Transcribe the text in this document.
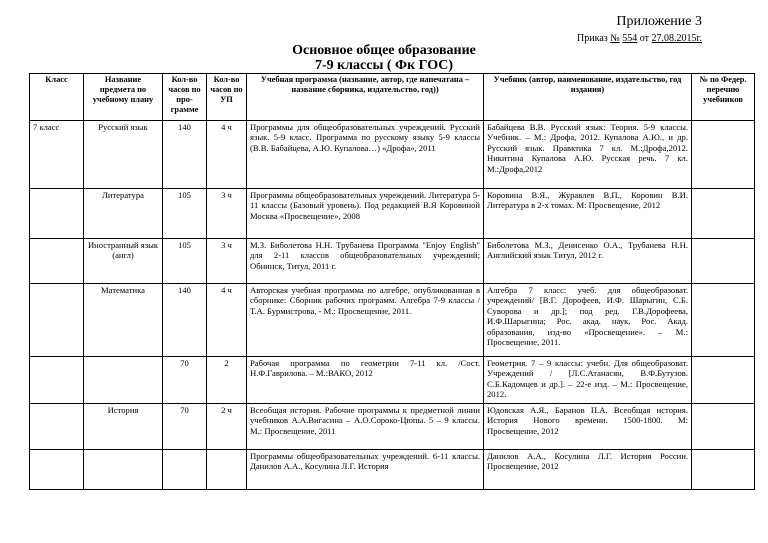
Приложение 3
Приказ № 554 от 27.08.2015г.
Основное общее образование
7-9 классы ( Фк ГОС)
Класс	Название предмета по учебному плану	Кол-во часов по про-грамме	Кол-во часов по УП	Учебная программа (название, автор, где напечатана – название сборника, издательство, год))	Учебник (автор, наименование, издательство, год издания)	№ по Федер. перечню учебников
7 класс	Русский язык	140	4 ч	Программы для общеобразовательных учреждений. Русский язык. 5-9 класс. Программа по русскому языку 5-9 классы (В.В. Бабайцева, А.Ю. Купалова…) «Дрофа», 2011	Бабайцева В.В. Русский язык: Теория. 5-9 классы. Учебник. – М.: Дрофа, 2012. Купалова А.Ю., и др. Русский язык. Правктика 7 кл. М.:Дрофа,2012. Никитина Купалова А.Ю. Русская речь. 7 кл. М.:Дрофа,2012	
	Литература	105	3 ч	Программы общеобразовательных учреждений. Литература 5-11 классы (Базовый уровень). Под редакцией В.Я Коровиной Москва «Просвещение», 2008	Коровина В.Я., Журавлев В.П., Коровин В.И. Литература в 2-х томах. М: Просвещение, 2012	
	Иностранный язык (англ)	105	3 ч	М.З. Биболетова Н.Н. Трубанева Программа "Enjoy English" для 2-11 классов общеобразовательных учреждений; Обнинск, Титул, 2011 г.	Биболетова М.З., Денисенко О.А., Трубанева Н.Н. Английский язык Титул, 2012 г.	
	Математика	140	4 ч	Авторская учебная программа по алгебре, опубликованная в сборнике: Сборник рабочих программ. Алгебра 7-9 классы /Т.А. Бурмистрова, - М.: Просвещение, 2011.	Алгебра 7 класс: учеб. для общеобразоват. учреждений/ [В.Г. Дорофеев, И.Ф. Шарыгин, С.Б. Суворова и др.]; под ред. Г.В.Дорофеева, И.Ф.Шарыгина; Рос. акад. наук, Рос. Акад. образования, изд-во «Просвещение». – М.: Просвещение, 2011.	
		70	2	Рабочая программа по геометрии 7-11 кл. /Сост. Н.Ф.Гаврилова. – М.:ВАКО, 2012	Геометрия. 7 – 9 классы: учебн. Для общеобразоват. Учреждений / [Л.С.Атанасян, В.Ф.Бутузов. С.Б.Кадомцев и др.]. – 22-е изд. – М.: Просвещение, 2012.	
	История	70	2 ч	Всеобщая история. Рабочие программы к предметной линии учебников А.А.Вигасина – А.О.Сороко-Цюпы. 5 – 9 классы. М.: Просвещение, 2011	Юдовская А.Я., Баранов П.А. Всеобщая история. История Нового времени. 1500-1800. М: Просвещение, 2012	
				Программы общеобразовательных учреждений. 6-11 классы. Данилов А.А., Косулина Л.Г. История	Данилов А.А., Косулина Л.Г. История России. Просвещение, 2012	
